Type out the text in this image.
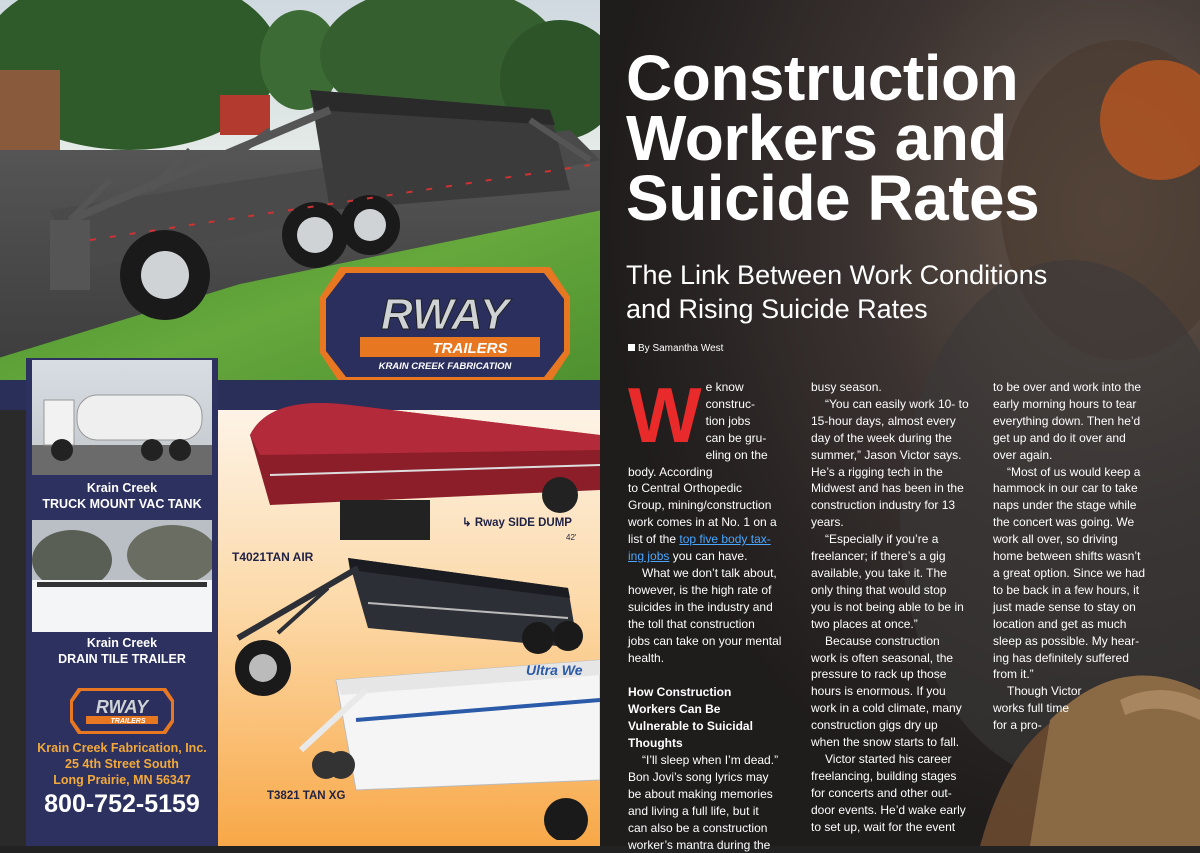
RWAY
TRAILERS
KRAIN CREEK FABRICATION
↳ Rway SIDE DUMP
42'
T4021TAN AIR
Ultra We
T3821 TAN XG
Krain Creek
TRUCK MOUNT VAC TANK
Krain Creek
DRAIN TILE TRAILER
RWAY
TRAILERS
Krain Creek Fabrication, Inc.
25 4th Street South
Long Prairie, MN 56347
800-752-5159
Construction
Workers and
Suicide Rates
The Link Between Work Conditions
and Rising Suicide Rates
By Samantha West
W e know
construc-
tion jobs
can be gru-
eling on the body. According
to Central Orthopedic
Group, mining/construction
work comes in at No. 1 on a
list of the top five body tax-
ing jobs you can have.

What we don’t talk about,
however, is the high rate of
suicides in the industry and
the toll that construction
jobs can take on your mental
health.

How Construction
Workers Can Be
Vulnerable to Suicidal
Thoughts

“I’ll sleep when I’m dead.”
Bon Jovi’s song lyrics may
be about making memories
and living a full life, but it
can also be a construction
worker’s mantra during the

busy season.

“You can easily work 10- to
15-hour days, almost every
day of the week during the
summer,” Jason Victor says.
He’s a rigging tech in the
Midwest and has been in the
construction industry for 13
years.

“Especially if you’re a
freelancer; if there’s a gig
available, you take it. The
only thing that would stop
you is not being able to be in
two places at once.”

Because construction
work is often seasonal, the
pressure to rack up those
hours is enormous. If you
work in a cold climate, many
construction gigs dry up
when the snow starts to fall.

Victor started his career
freelancing, building stages
for concerts and other out-
door events. He’d wake early
to set up, wait for the event

to be over and work into the
early morning hours to tear
everything down. Then he’d
get up and do it over and
over again.

“Most of us would keep a
hammock in our car to take
naps under the stage while
the concert was going. We
work all over, so driving
home between shifts wasn’t
a great option. Since we had
to be back in a few hours, it
just made sense to stay on
location and get as much
sleep as possible. My hear-
ing has definitely suffered
from it.”

Though Victor
works full time
for a pro-
